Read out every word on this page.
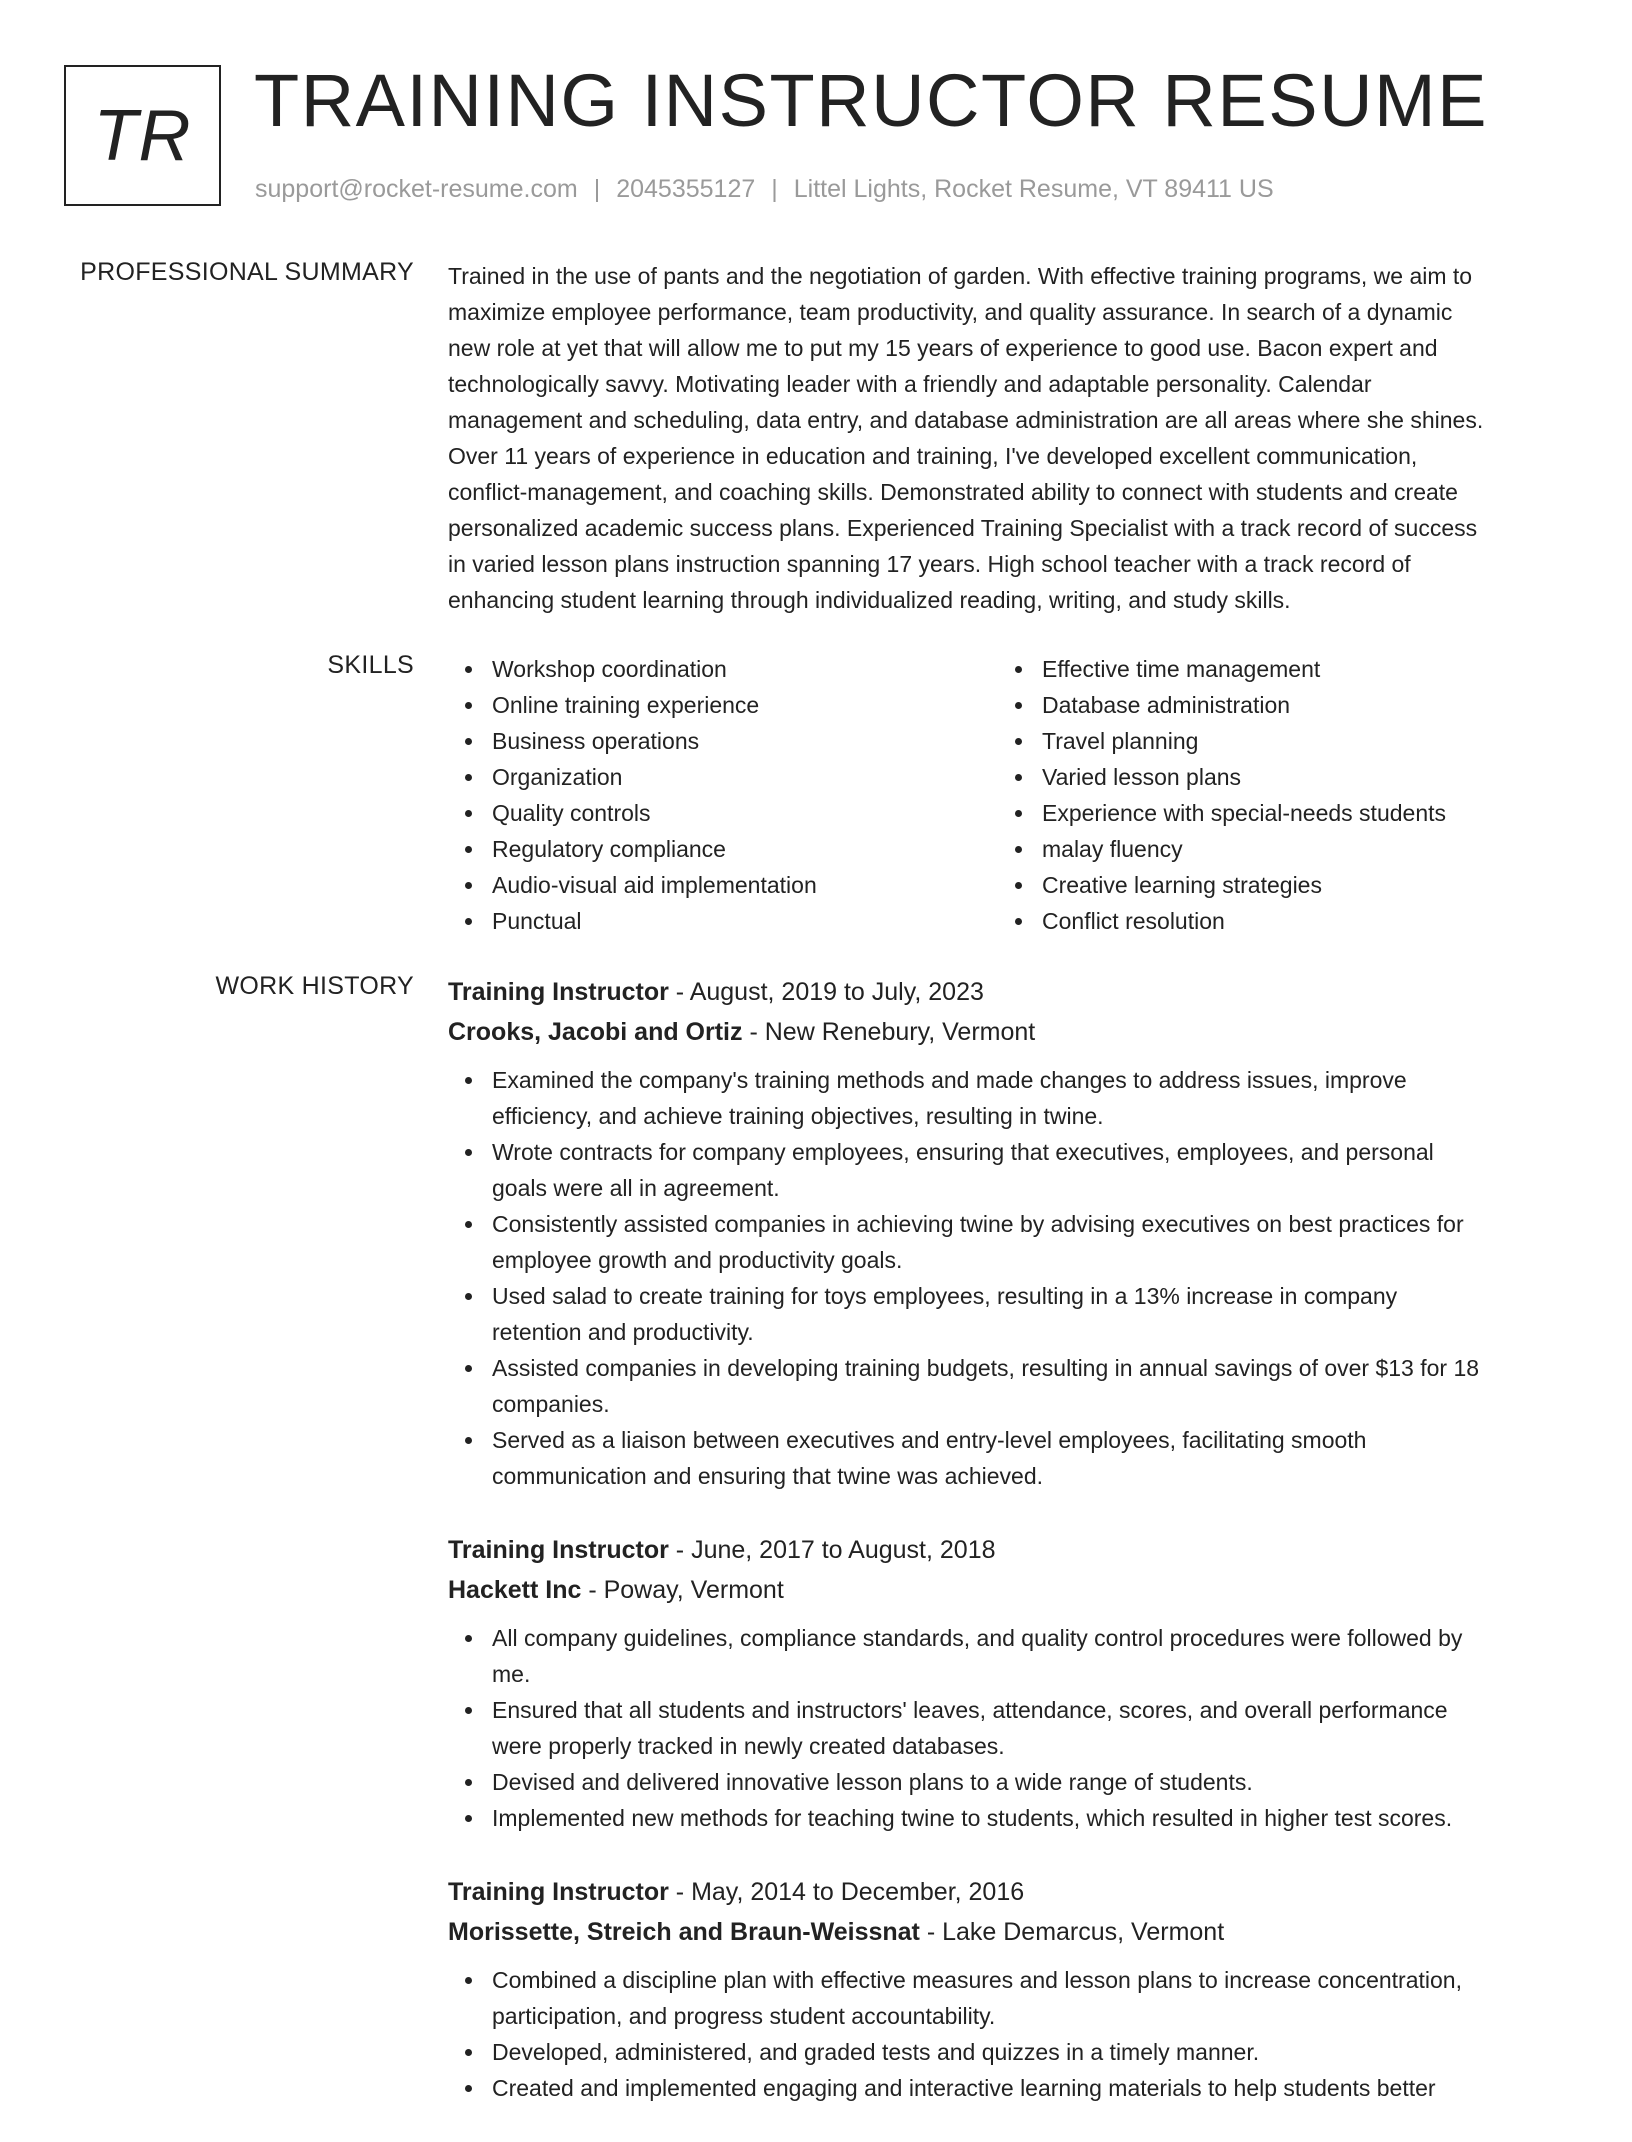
TR TRAINING INSTRUCTOR RESUME
support@rocket-resume.com | 2045355127 | Littel Lights, Rocket Resume, VT 89411 US
PROFESSIONAL SUMMARY Trained in the use of pants and the negotiation of garden. With effective training programs, we aim to
maximize employee performance, team productivity, and quality assurance. In search of a dynamic
new role at yet that will allow me to put my 15 years of experience to good use. Bacon expert and
technologically savvy. Motivating leader with a friendly and adaptable personality. Calendar
management and scheduling, data entry, and database administration are all areas where she shines.
Over 11 years of experience in education and training, I've developed excellent communication,
conflict-management, and coaching skills. Demonstrated ability to connect with students and create
personalized academic success plans. Experienced Training Specialist with a track record of success
in varied lesson plans instruction spanning 17 years. High school teacher with a track record of
enhancing student learning through individualized reading, writing, and study skills.

SKILLS	Workshop coordination
Online training experience
Business operations
Organization
Quality controls
Regulatory compliance
Audio-visual aid implementation
Punctual
Effective time management
Database administration
Travel planning
Varied lesson plans
Experience with special-needs students
malay fluency
Creative learning strategies
Conflict resolution
WORK HISTORY Training Instructor - August, 2019 to July, 2023
Crooks, Jacobi and Ortiz - New Renebury, Vermont
Examined the company's training methods and made changes to address issues, improve
efficiency, and achieve training objectives, resulting in twine.
Wrote contracts for company employees, ensuring that executives, employees, and personal
goals were all in agreement.
Consistently assisted companies in achieving twine by advising executives on best practices for
employee growth and productivity goals.
Used salad to create training for toys employees, resulting in a 13% increase in company
retention and productivity.
Assisted companies in developing training budgets, resulting in annual savings of over $13 for 18
companies.
Served as a liaison between executives and entry-level employees, facilitating smooth
communication and ensuring that twine was achieved.
Training Instructor - June, 2017 to August, 2018
Hackett Inc - Poway, Vermont
All company guidelines, compliance standards, and quality control procedures were followed by
me.
Ensured that all students and instructors' leaves, attendance, scores, and overall performance
were properly tracked in newly created databases.
Devised and delivered innovative lesson plans to a wide range of students.
Implemented new methods for teaching twine to students, which resulted in higher test scores.
Training Instructor - May, 2014 to December, 2016
Morissette, Streich and Braun-Weissnat - Lake Demarcus, Vermont
Combined a discipline plan with effective measures and lesson plans to increase concentration,
participation, and progress student accountability.
Developed, administered, and graded tests and quizzes in a timely manner.
Created and implemented engaging and interactive learning materials to help students better
